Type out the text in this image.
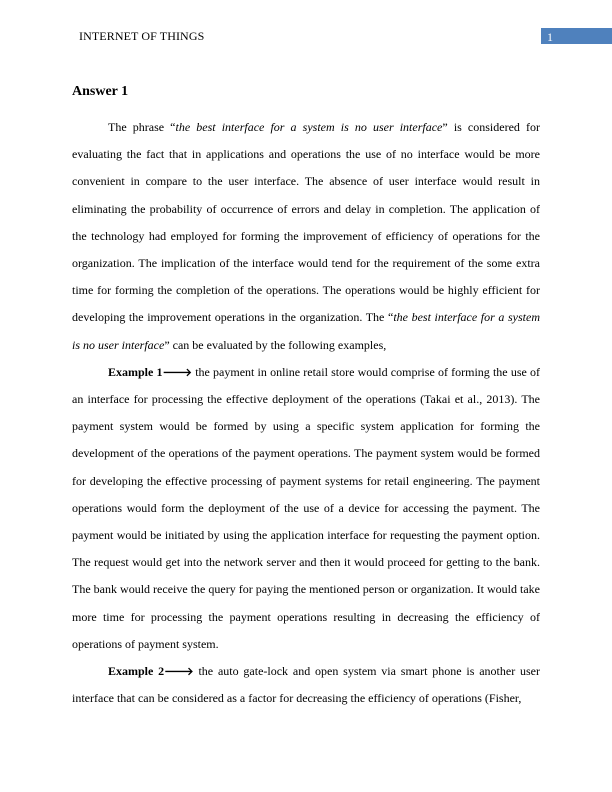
INTERNET OF THINGS	1
Answer 1

The phrase “the best interface for a system is no user interface” is considered for evaluating the fact that in applications and operations the use of no interface would be more convenient in compare to the user interface. The absence of user interface would result in eliminating the probability of occurrence of errors and delay in completion. The application of the technology had employed for forming the improvement of efficiency of operations for the organization. The implication of the interface would tend for the requirement of the some extra time for forming the completion of the operations. The operations would be highly efficient for developing the improvement operations in the organization. The “the best interface for a system is no user interface” can be evaluated by the following examples,

Example 1🡒 the payment in online retail store would comprise of forming the use of an interface for processing the effective deployment of the operations (Takai et al., 2013). The payment system would be formed by using a specific system application for forming the development of the operations of the payment operations. The payment system would be formed for developing the effective processing of payment systems for retail engineering. The payment operations would form the deployment of the use of a device for accessing the payment. The payment would be initiated by using the application interface for requesting the payment option. The request would get into the network server and then it would proceed for getting to the bank. The bank would receive the query for paying the mentioned person or organization. It would take more time for processing the payment operations resulting in decreasing the efficiency of operations of payment system.

Example 2🡒 the auto gate-lock and open system via smart phone is another user interface that can be considered as a factor for decreasing the efficiency of operations (Fisher,
